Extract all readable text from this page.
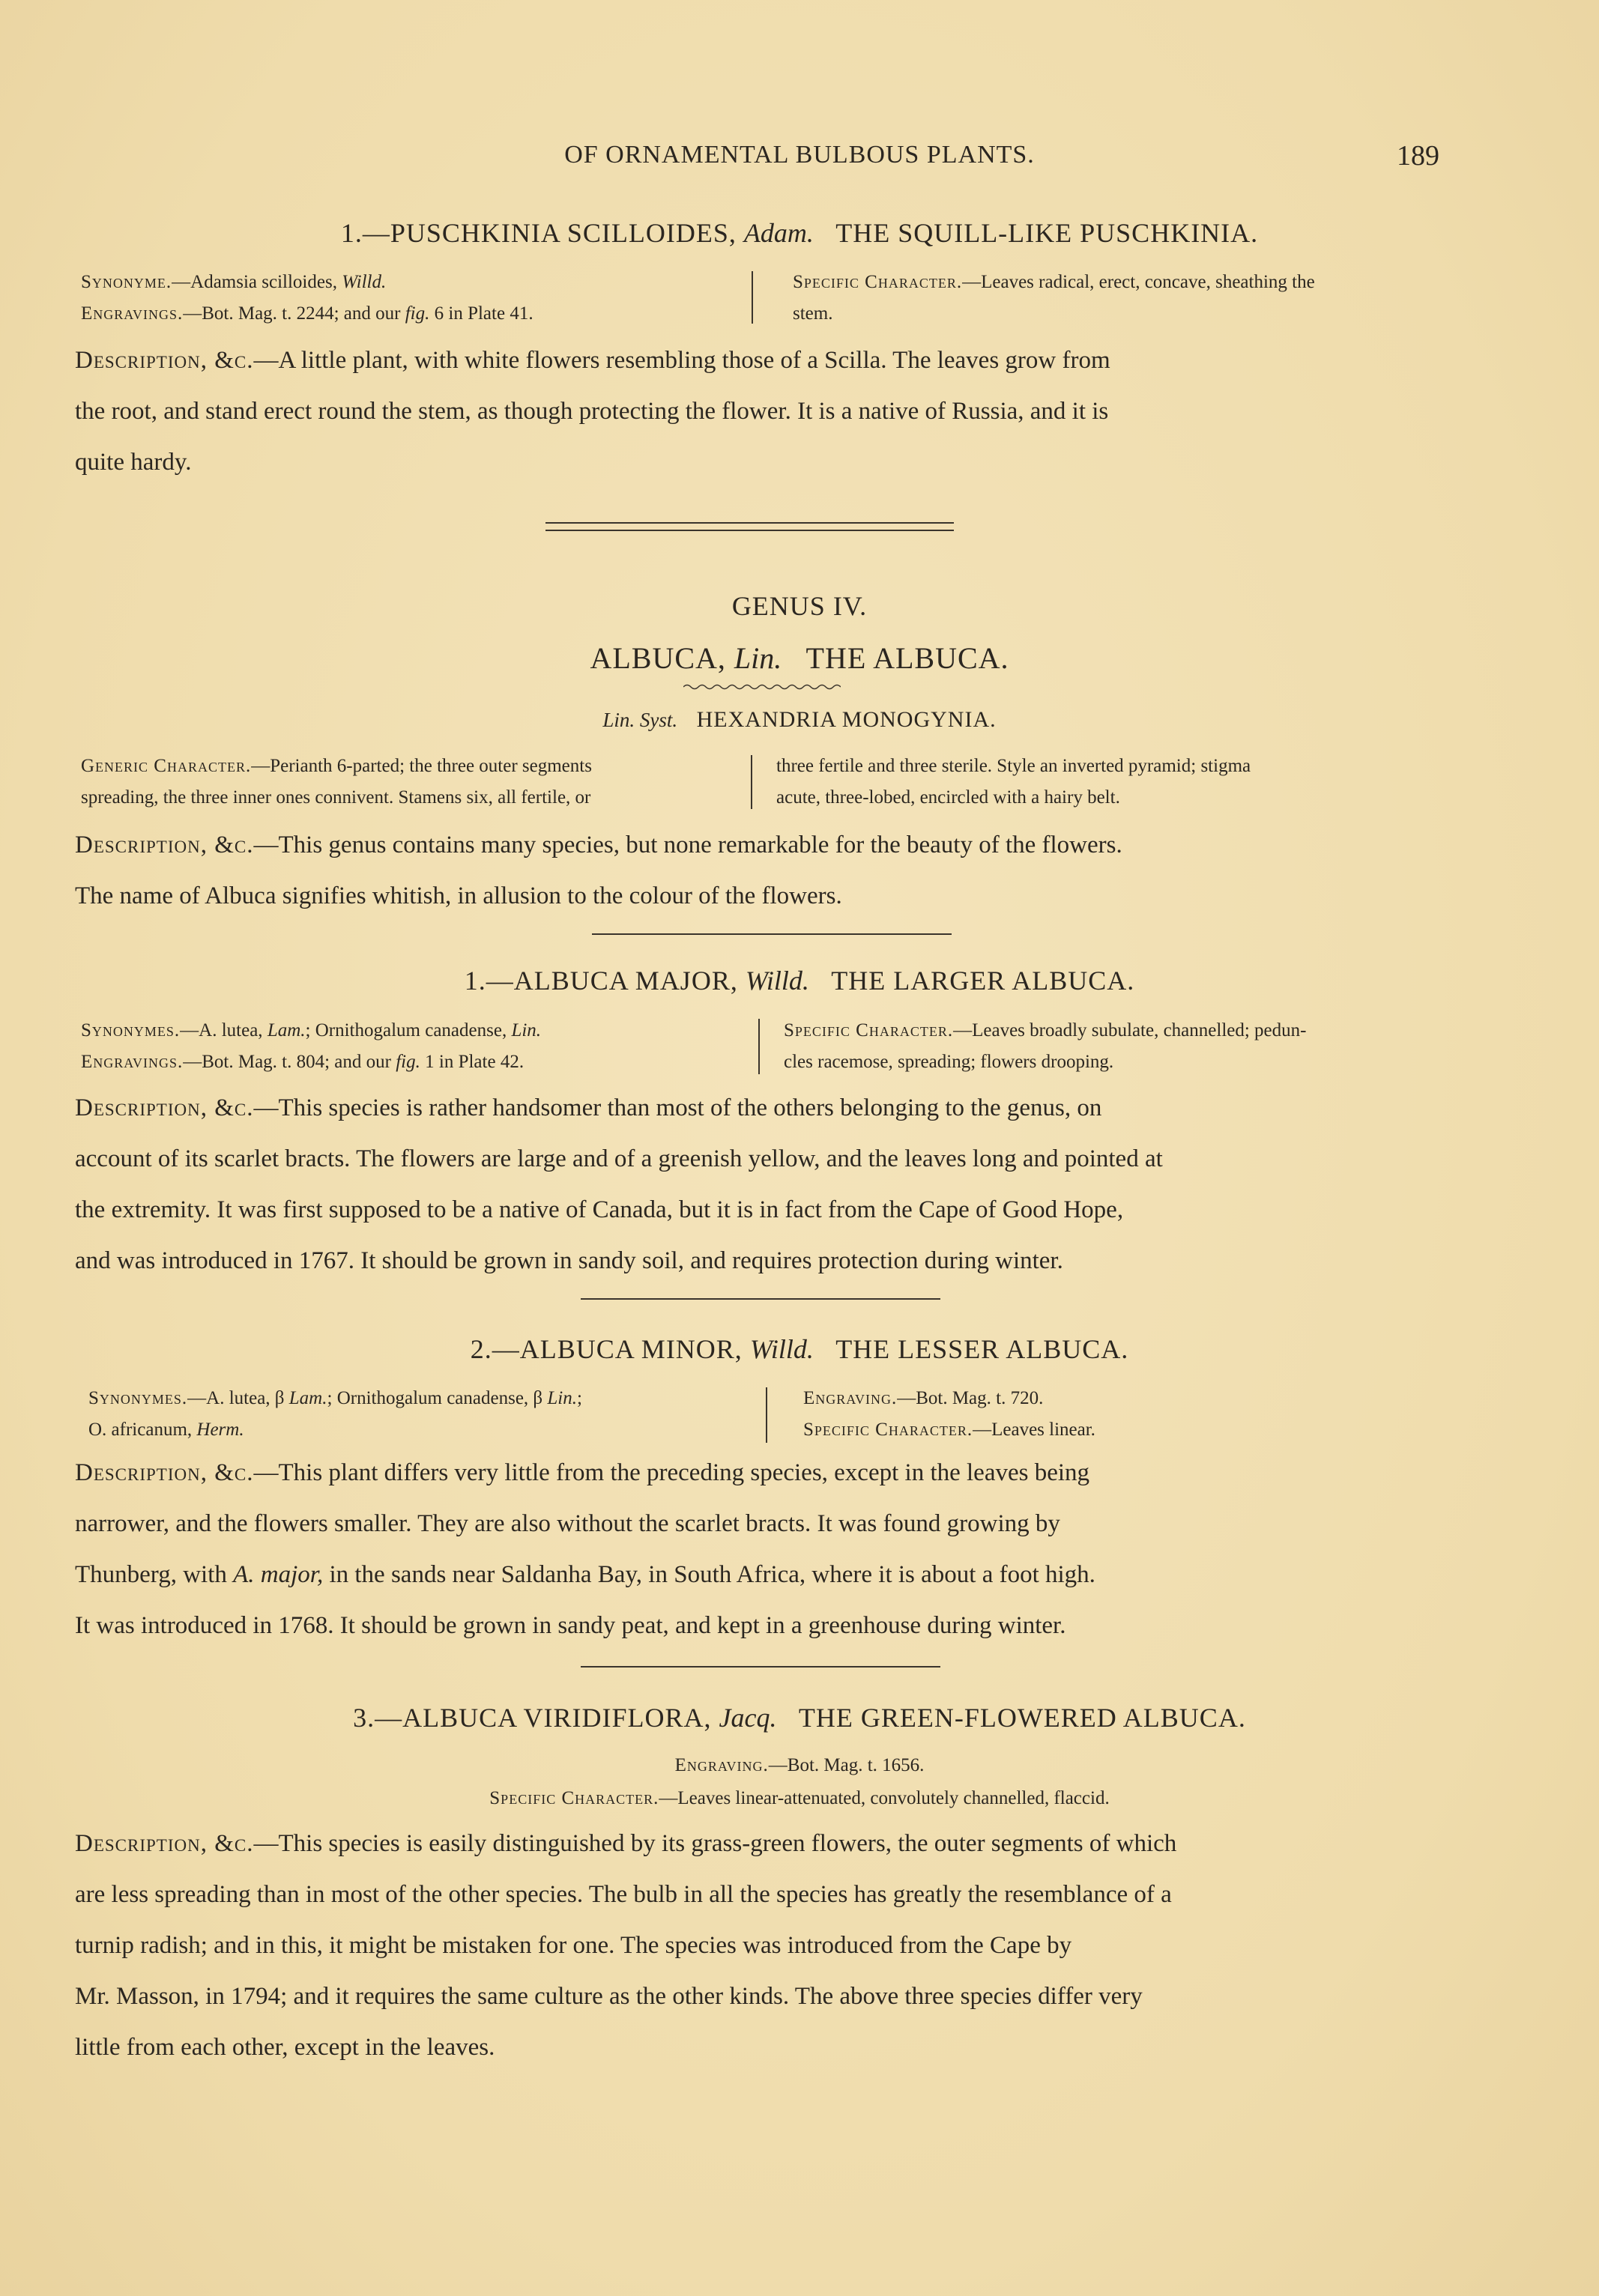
OF ORNAMENTAL BULBOUS PLANTS.	189
1.—PUSCHKINIA SCILLOIDES, Adam. THE SQUILL-LIKE PUSCHKINIA.
Synonyme.—Adamsia scilloides, Willd.
Engravings.—Bot. Mag. t. 2244; and our fig. 6 in Plate 41.
Specific Character.—Leaves radical, erect, concave, sheathing the
stem.
Description, &c.—A little plant, with white flowers resembling those of a Scilla. The leaves grow from
the root, and stand erect round the stem, as though protecting the flower. It is a native of Russia, and it is
quite hardy.
GENUS IV.
ALBUCA, Lin. THE ALBUCA.
Lin. Syst. HEXANDRIA MONOGYNIA.
Generic Character.—Perianth 6-parted; the three outer segments
spreading, the three inner ones connivent. Stamens six, all fertile, or
three fertile and three sterile. Style an inverted pyramid; stigma
acute, three-lobed, encircled with a hairy belt.
Description, &c.—This genus contains many species, but none remarkable for the beauty of the flowers.
The name of Albuca signifies whitish, in allusion to the colour of the flowers.
1.—ALBUCA MAJOR, Willd. THE LARGER ALBUCA.
Synonymes.—A. lutea, Lam.; Ornithogalum canadense, Lin.
Engravings.—Bot. Mag. t. 804; and our fig. 1 in Plate 42.
Specific Character.—Leaves broadly subulate, channelled; pedun-
cles racemose, spreading; flowers drooping.
Description, &c.—This species is rather handsomer than most of the others belonging to the genus, on
account of its scarlet bracts. The flowers are large and of a greenish yellow, and the leaves long and pointed at
the extremity. It was first supposed to be a native of Canada, but it is in fact from the Cape of Good Hope,
and was introduced in 1767. It should be grown in sandy soil, and requires protection during winter.
2.—ALBUCA MINOR, Willd. THE LESSER ALBUCA.
Synonymes.—A. lutea, β Lam.; Ornithogalum canadense, β Lin.;
O. africanum, Herm.
Engraving.—Bot. Mag. t. 720.
Specific Character.—Leaves linear.
Description, &c.—This plant differs very little from the preceding species, except in the leaves being
narrower, and the flowers smaller. They are also without the scarlet bracts. It was found growing by
Thunberg, with A. major, in the sands near Saldanha Bay, in South Africa, where it is about a foot high.
It was introduced in 1768. It should be grown in sandy peat, and kept in a greenhouse during winter.
3.—ALBUCA VIRIDIFLORA, Jacq. THE GREEN-FLOWERED ALBUCA.
Engraving.—Bot. Mag. t. 1656.
Specific Character.—Leaves linear-attenuated, convolutely channelled, flaccid.
Description, &c.—This species is easily distinguished by its grass-green flowers, the outer segments of which
are less spreading than in most of the other species. The bulb in all the species has greatly the resemblance of a
turnip radish; and in this, it might be mistaken for one. The species was introduced from the Cape by
Mr. Masson, in 1794; and it requires the same culture as the other kinds. The above three species differ very
little from each other, except in the leaves.
